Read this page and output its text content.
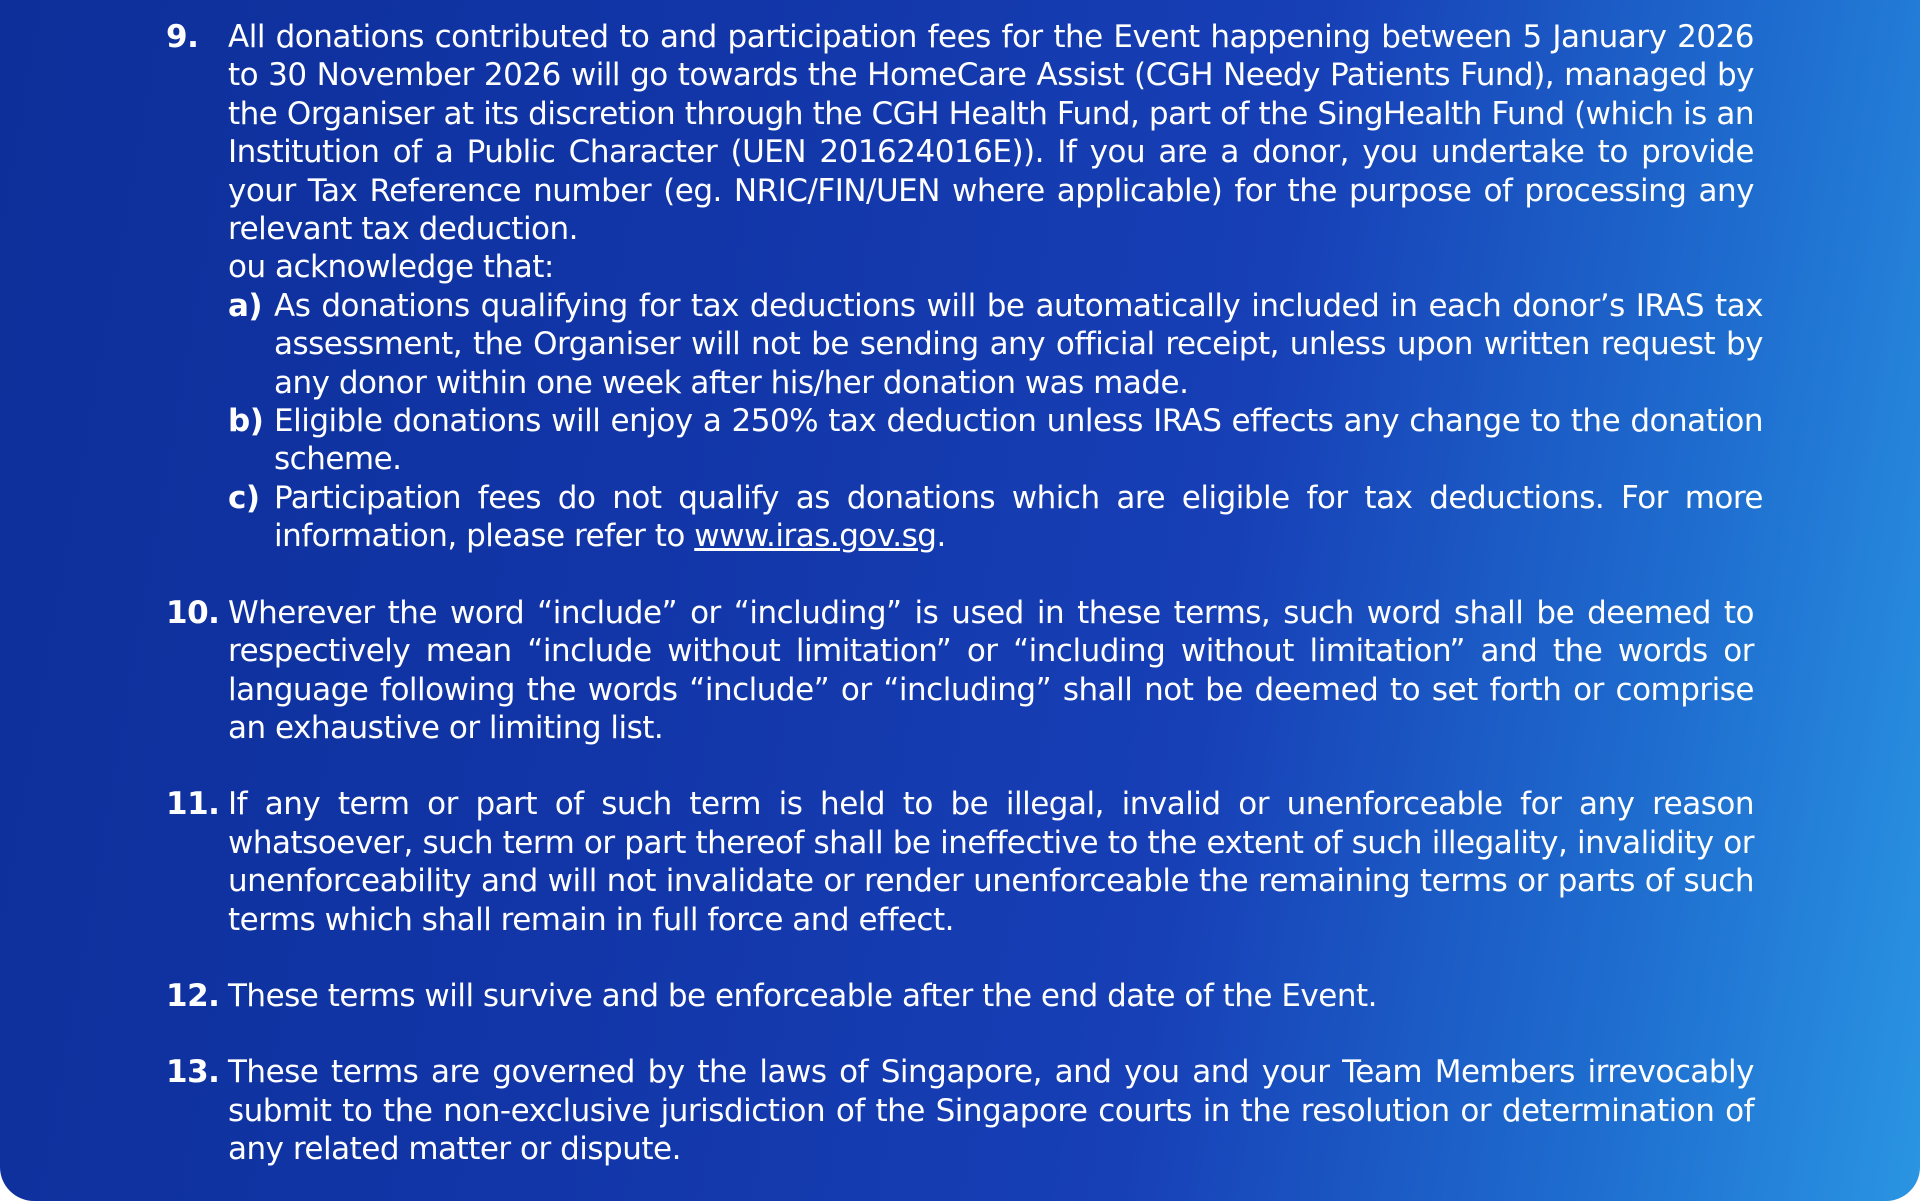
9. All donations contributed to and participation fees for the Event happening between 5 January 2026 to 30 November 2026 will go towards the HomeCare Assist (CGH Needy Patients Fund), managed by the Organiser at its discretion through the CGH Health Fund, part of the SingHealth Fund (which is an Institution of a Public Character (UEN 201624016E)). If you are a donor, you undertake to provide your Tax Reference number (eg. NRIC/FIN/UEN where applicable) for the purpose of processing any relevant tax deduction.
ou acknowledge that:
a) As donations qualifying for tax deductions will be automatically included in each donor’s IRAS tax assessment, the Organiser will not be sending any official receipt, unless upon written request by any donor within one week after his/her donation was made.
b) Eligible donations will enjoy a 250% tax deduction unless IRAS effects any change to the donation scheme.
c) Participation fees do not qualify as donations which are eligible for tax deductions. For more information, please refer to www.iras.gov.sg.
10. Wherever the word “include” or “including” is used in these terms, such word shall be deemed to respectively mean “include without limitation” or “including without limitation” and the words or language following the words “include” or “including” shall not be deemed to set forth or comprise an exhaustive or limiting list.
11. If any term or part of such term is held to be illegal, invalid or unenforceable for any reason whatsoever, such term or part thereof shall be ineffective to the extent of such illegality, invalidity or unenforceability and will not invalidate or render unenforceable the remaining terms or parts of such terms which shall remain in full force and effect.
12. These terms will survive and be enforceable after the end date of the Event.
13. These terms are governed by the laws of Singapore, and you and your Team Members irrevocably submit to the non-exclusive jurisdiction of the Singapore courts in the resolution or determination of any related matter or dispute.
